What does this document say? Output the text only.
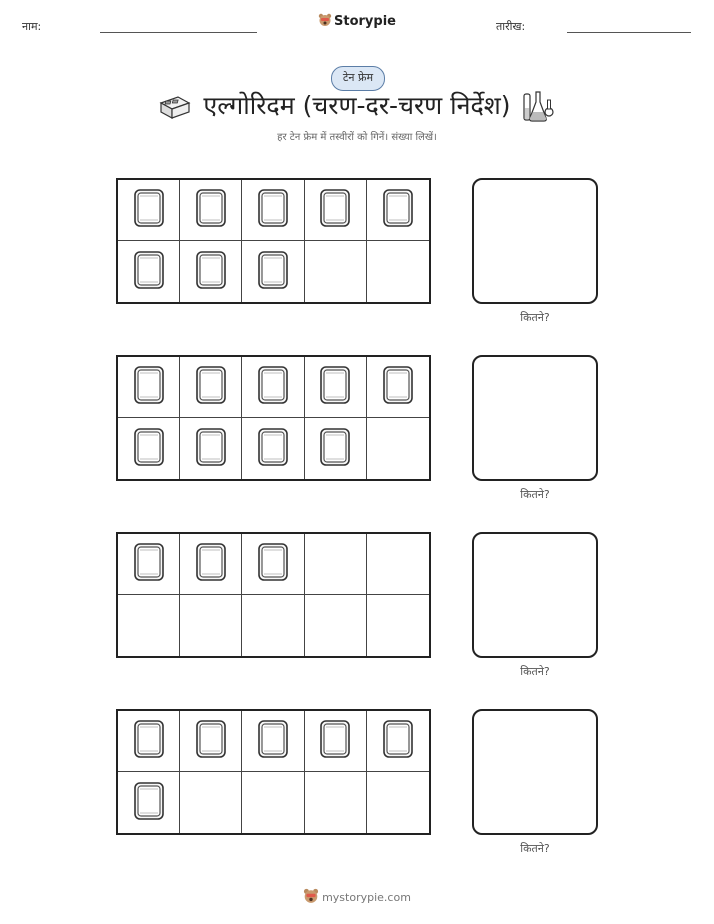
नाम:	Storypie	तारीख:
टेन फ्रेम
एल्गोरिदम (चरण-दर-चरण निर्देश)
हर टेन फ्रेम में तस्वीरों को गिनें। संख्या लिखें।
कितने?
कितने?
कितने?
कितने?
mystorypie.com
